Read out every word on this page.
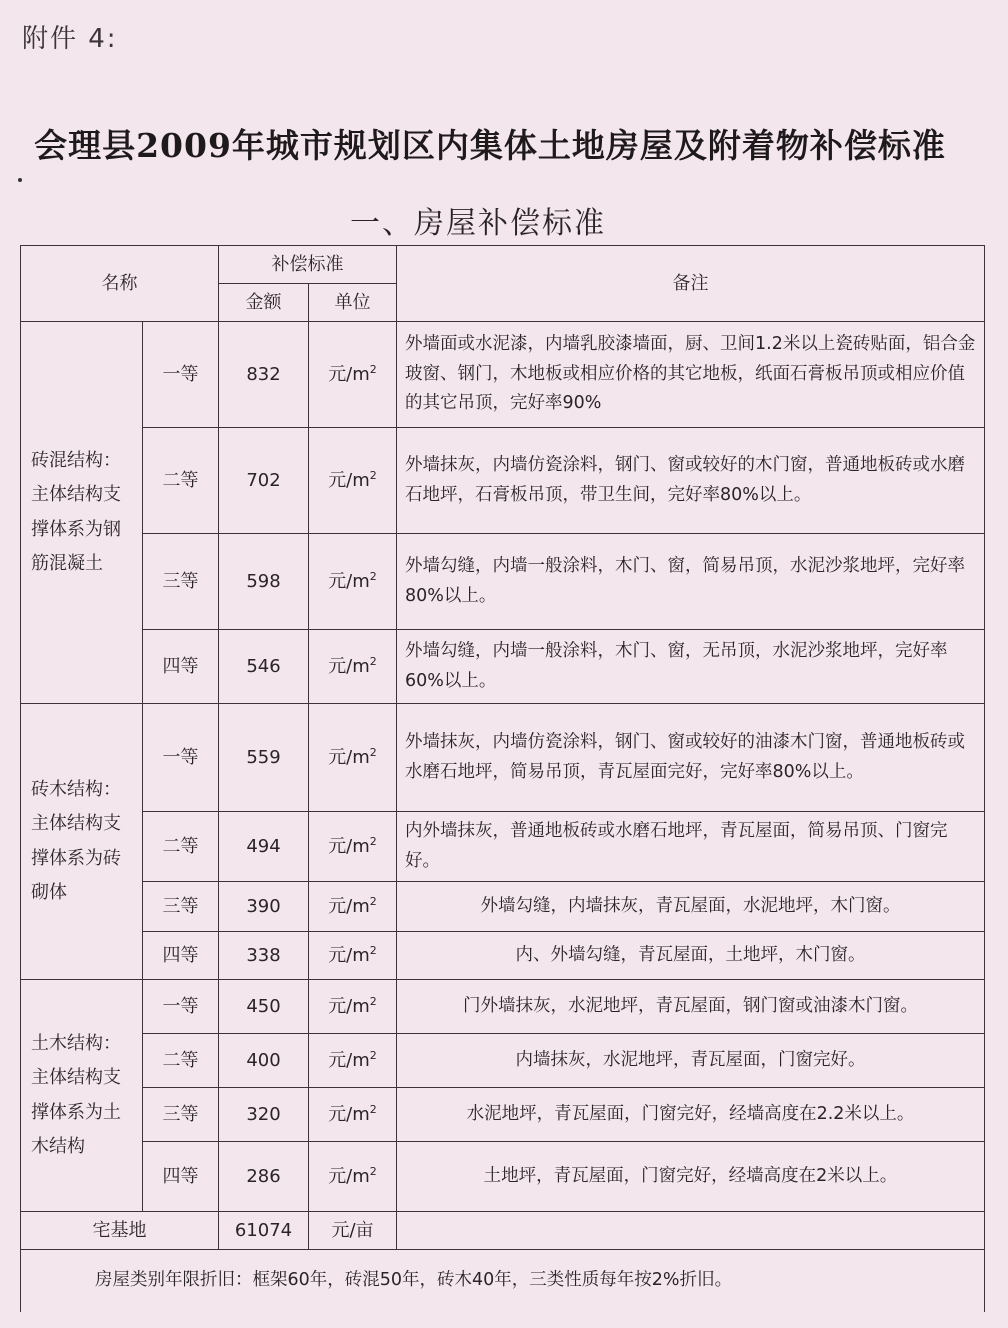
附件 4:
会理县2009年城市规划区内集体土地房屋及附着物补偿标准
一、房屋补偿标准
名称		补偿标准		备注
		金额	单位	
砖混结构：主体结构支撑体系为钢筋混凝土	一等	832	元$/m^2$	外墙面或水泥漆，内墙乳胶漆墙面，厨、卫间1.2米以上瓷砖贴面，铝合金玻窗、钢门，木地板或相应价格的其它地板，纸面石膏板吊顶或相应价值的其它吊顶，完好率90%
	二等	702	元$/m^2$	外墙抹灰，内墙仿瓷涂料，钢门、窗或较好的木门窗，普通地板砖或水磨石地坪，石膏板吊顶，带卫生间，完好率80%以上。
	三等	598	元$/m^2$	外墙勾缝，内墙一般涂料，木门、窗，简易吊顶，水泥沙浆地坪，完好率80%以上。
	四等	546	元$/m^2$	外墙勾缝，内墙一般涂料，木门、窗，无吊顶，水泥沙浆地坪，完好率60%以上。
砖木结构：主体结构支撑体系为砖砌体	一等	559	元$/m^2$	外墙抹灰，内墙仿瓷涂料，钢门、窗或较好的油漆木门窗，普通地板砖或水磨石地坪，简易吊顶，青瓦屋面完好，完好率80%以上。
	二等	494	元$/m^2$	内外墙抹灰，普通地板砖或水磨石地坪，青瓦屋面，简易吊顶、门窗完好。
	三等	390	元$/m^2$	外墙勾缝，内墙抹灰，青瓦屋面，水泥地坪，木门窗。
	四等	338	元$/m^2$	内、外墙勾缝，青瓦屋面，土地坪，木门窗。
土木结构：主体结构支撑体系为土木结构	一等	450	元$/m^2$	门外墙抹灰，水泥地坪，青瓦屋面，钢门窗或油漆木门窗。
	二等	400	元$/m^2$	内墙抹灰，水泥地坪，青瓦屋面，门窗完好。
	三等	320	元$/m^2$	水泥地坪，青瓦屋面，门窗完好，经墙高度在2.2米以上。
	四等	286	元$/m^2$	土地坪，青瓦屋面，门窗完好，经墙高度在2米以上。
宅基地		61074	元/亩	
房屋类别年限折旧：框架60年，砖混50年，砖木40年，三类性质每年按2%折旧。				
